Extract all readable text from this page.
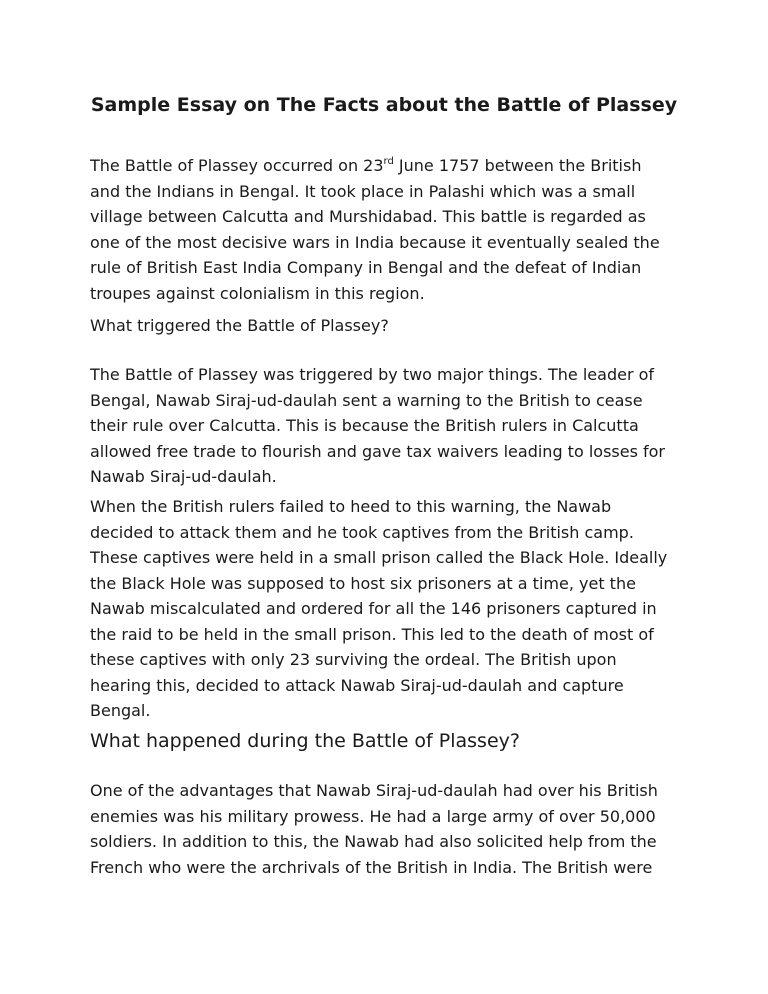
Sample Essay on The Facts about the Battle of Plassey
The Battle of Plassey occurred on 23rd June 1757 between the British
and the Indians in Bengal. It took place in Palashi which was a small
village between Calcutta and Murshidabad. This battle is regarded as
one of the most decisive wars in India because it eventually sealed the
rule of British East India Company in Bengal and the defeat of Indian
troupes against colonialism in this region.
What triggered the Battle of Plassey?
The Battle of Plassey was triggered by two major things. The leader of
Bengal, Nawab Siraj-ud-daulah sent a warning to the British to cease
their rule over Calcutta. This is because the British rulers in Calcutta
allowed free trade to flourish and gave tax waivers leading to losses for
Nawab Siraj-ud-daulah.
When the British rulers failed to heed to this warning, the Nawab
decided to attack them and he took captives from the British camp.
These captives were held in a small prison called the Black Hole. Ideally
the Black Hole was supposed to host six prisoners at a time, yet the
Nawab miscalculated and ordered for all the 146 prisoners captured in
the raid to be held in the small prison. This led to the death of most of
these captives with only 23 surviving the ordeal. The British upon
hearing this, decided to attack Nawab Siraj-ud-daulah and capture
Bengal.
What happened during the Battle of Plassey?
One of the advantages that Nawab Siraj-ud-daulah had over his British
enemies was his military prowess. He had a large army of over 50,000
soldiers. In addition to this, the Nawab had also solicited help from the
French who were the archrivals of the British in India. The British were
